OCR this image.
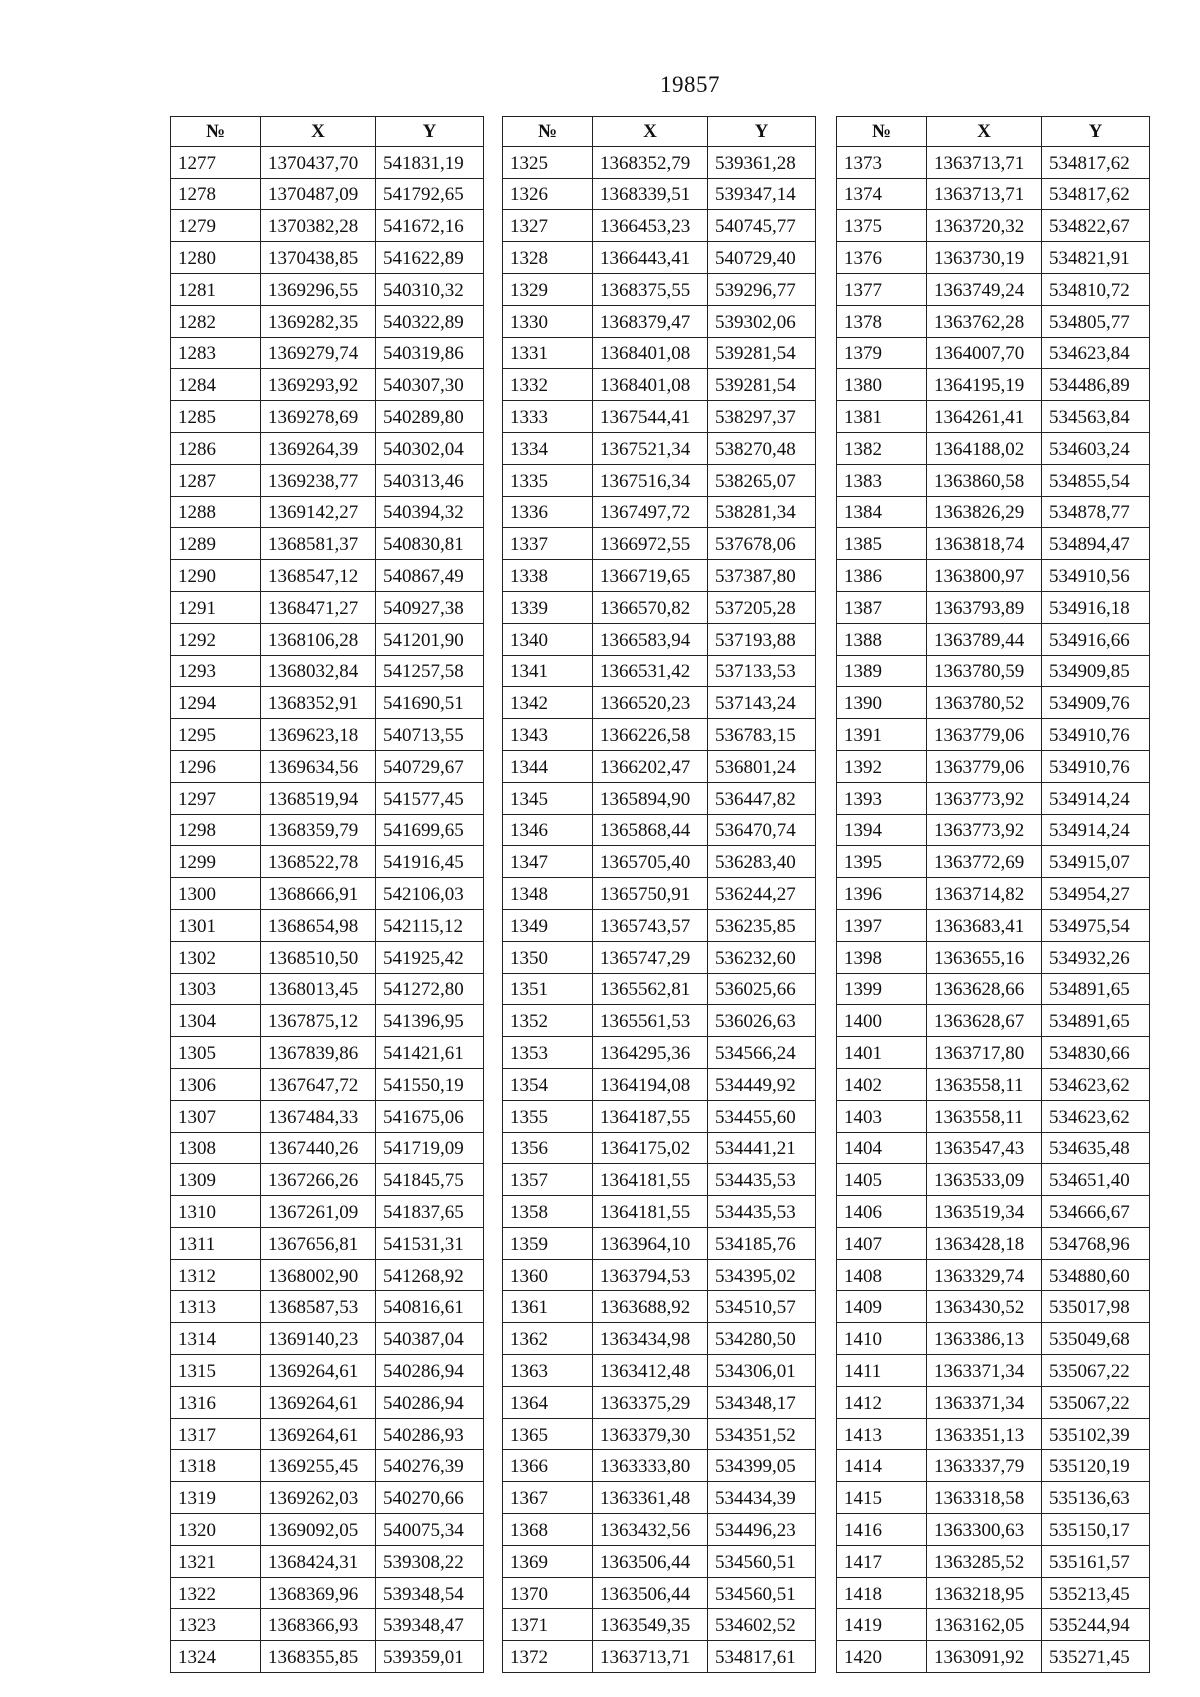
19857
№	X	Y
1277	1370437,70	541831,19
1278	1370487,09	541792,65
1279	1370382,28	541672,16
1280	1370438,85	541622,89
1281	1369296,55	540310,32
1282	1369282,35	540322,89
1283	1369279,74	540319,86
1284	1369293,92	540307,30
1285	1369278,69	540289,80
1286	1369264,39	540302,04
1287	1369238,77	540313,46
1288	1369142,27	540394,32
1289	1368581,37	540830,81
1290	1368547,12	540867,49
1291	1368471,27	540927,38
1292	1368106,28	541201,90
1293	1368032,84	541257,58
1294	1368352,91	541690,51
1295	1369623,18	540713,55
1296	1369634,56	540729,67
1297	1368519,94	541577,45
1298	1368359,79	541699,65
1299	1368522,78	541916,45
1300	1368666,91	542106,03
1301	1368654,98	542115,12
1302	1368510,50	541925,42
1303	1368013,45	541272,80
1304	1367875,12	541396,95
1305	1367839,86	541421,61
1306	1367647,72	541550,19
1307	1367484,33	541675,06
1308	1367440,26	541719,09
1309	1367266,26	541845,75
1310	1367261,09	541837,65
1311	1367656,81	541531,31
1312	1368002,90	541268,92
1313	1368587,53	540816,61
1314	1369140,23	540387,04
1315	1369264,61	540286,94
1316	1369264,61	540286,94
1317	1369264,61	540286,93
1318	1369255,45	540276,39
1319	1369262,03	540270,66
1320	1369092,05	540075,34
1321	1368424,31	539308,22
1322	1368369,96	539348,54
1323	1368366,93	539348,47
1324	1368355,85	539359,01
№	X	Y
1325	1368352,79	539361,28
1326	1368339,51	539347,14
1327	1366453,23	540745,77
1328	1366443,41	540729,40
1329	1368375,55	539296,77
1330	1368379,47	539302,06
1331	1368401,08	539281,54
1332	1368401,08	539281,54
1333	1367544,41	538297,37
1334	1367521,34	538270,48
1335	1367516,34	538265,07
1336	1367497,72	538281,34
1337	1366972,55	537678,06
1338	1366719,65	537387,80
1339	1366570,82	537205,28
1340	1366583,94	537193,88
1341	1366531,42	537133,53
1342	1366520,23	537143,24
1343	1366226,58	536783,15
1344	1366202,47	536801,24
1345	1365894,90	536447,82
1346	1365868,44	536470,74
1347	1365705,40	536283,40
1348	1365750,91	536244,27
1349	1365743,57	536235,85
1350	1365747,29	536232,60
1351	1365562,81	536025,66
1352	1365561,53	536026,63
1353	1364295,36	534566,24
1354	1364194,08	534449,92
1355	1364187,55	534455,60
1356	1364175,02	534441,21
1357	1364181,55	534435,53
1358	1364181,55	534435,53
1359	1363964,10	534185,76
1360	1363794,53	534395,02
1361	1363688,92	534510,57
1362	1363434,98	534280,50
1363	1363412,48	534306,01
1364	1363375,29	534348,17
1365	1363379,30	534351,52
1366	1363333,80	534399,05
1367	1363361,48	534434,39
1368	1363432,56	534496,23
1369	1363506,44	534560,51
1370	1363506,44	534560,51
1371	1363549,35	534602,52
1372	1363713,71	534817,61
№	X	Y
1373	1363713,71	534817,62
1374	1363713,71	534817,62
1375	1363720,32	534822,67
1376	1363730,19	534821,91
1377	1363749,24	534810,72
1378	1363762,28	534805,77
1379	1364007,70	534623,84
1380	1364195,19	534486,89
1381	1364261,41	534563,84
1382	1364188,02	534603,24
1383	1363860,58	534855,54
1384	1363826,29	534878,77
1385	1363818,74	534894,47
1386	1363800,97	534910,56
1387	1363793,89	534916,18
1388	1363789,44	534916,66
1389	1363780,59	534909,85
1390	1363780,52	534909,76
1391	1363779,06	534910,76
1392	1363779,06	534910,76
1393	1363773,92	534914,24
1394	1363773,92	534914,24
1395	1363772,69	534915,07
1396	1363714,82	534954,27
1397	1363683,41	534975,54
1398	1363655,16	534932,26
1399	1363628,66	534891,65
1400	1363628,67	534891,65
1401	1363717,80	534830,66
1402	1363558,11	534623,62
1403	1363558,11	534623,62
1404	1363547,43	534635,48
1405	1363533,09	534651,40
1406	1363519,34	534666,67
1407	1363428,18	534768,96
1408	1363329,74	534880,60
1409	1363430,52	535017,98
1410	1363386,13	535049,68
1411	1363371,34	535067,22
1412	1363371,34	535067,22
1413	1363351,13	535102,39
1414	1363337,79	535120,19
1415	1363318,58	535136,63
1416	1363300,63	535150,17
1417	1363285,52	535161,57
1418	1363218,95	535213,45
1419	1363162,05	535244,94
1420	1363091,92	535271,45
